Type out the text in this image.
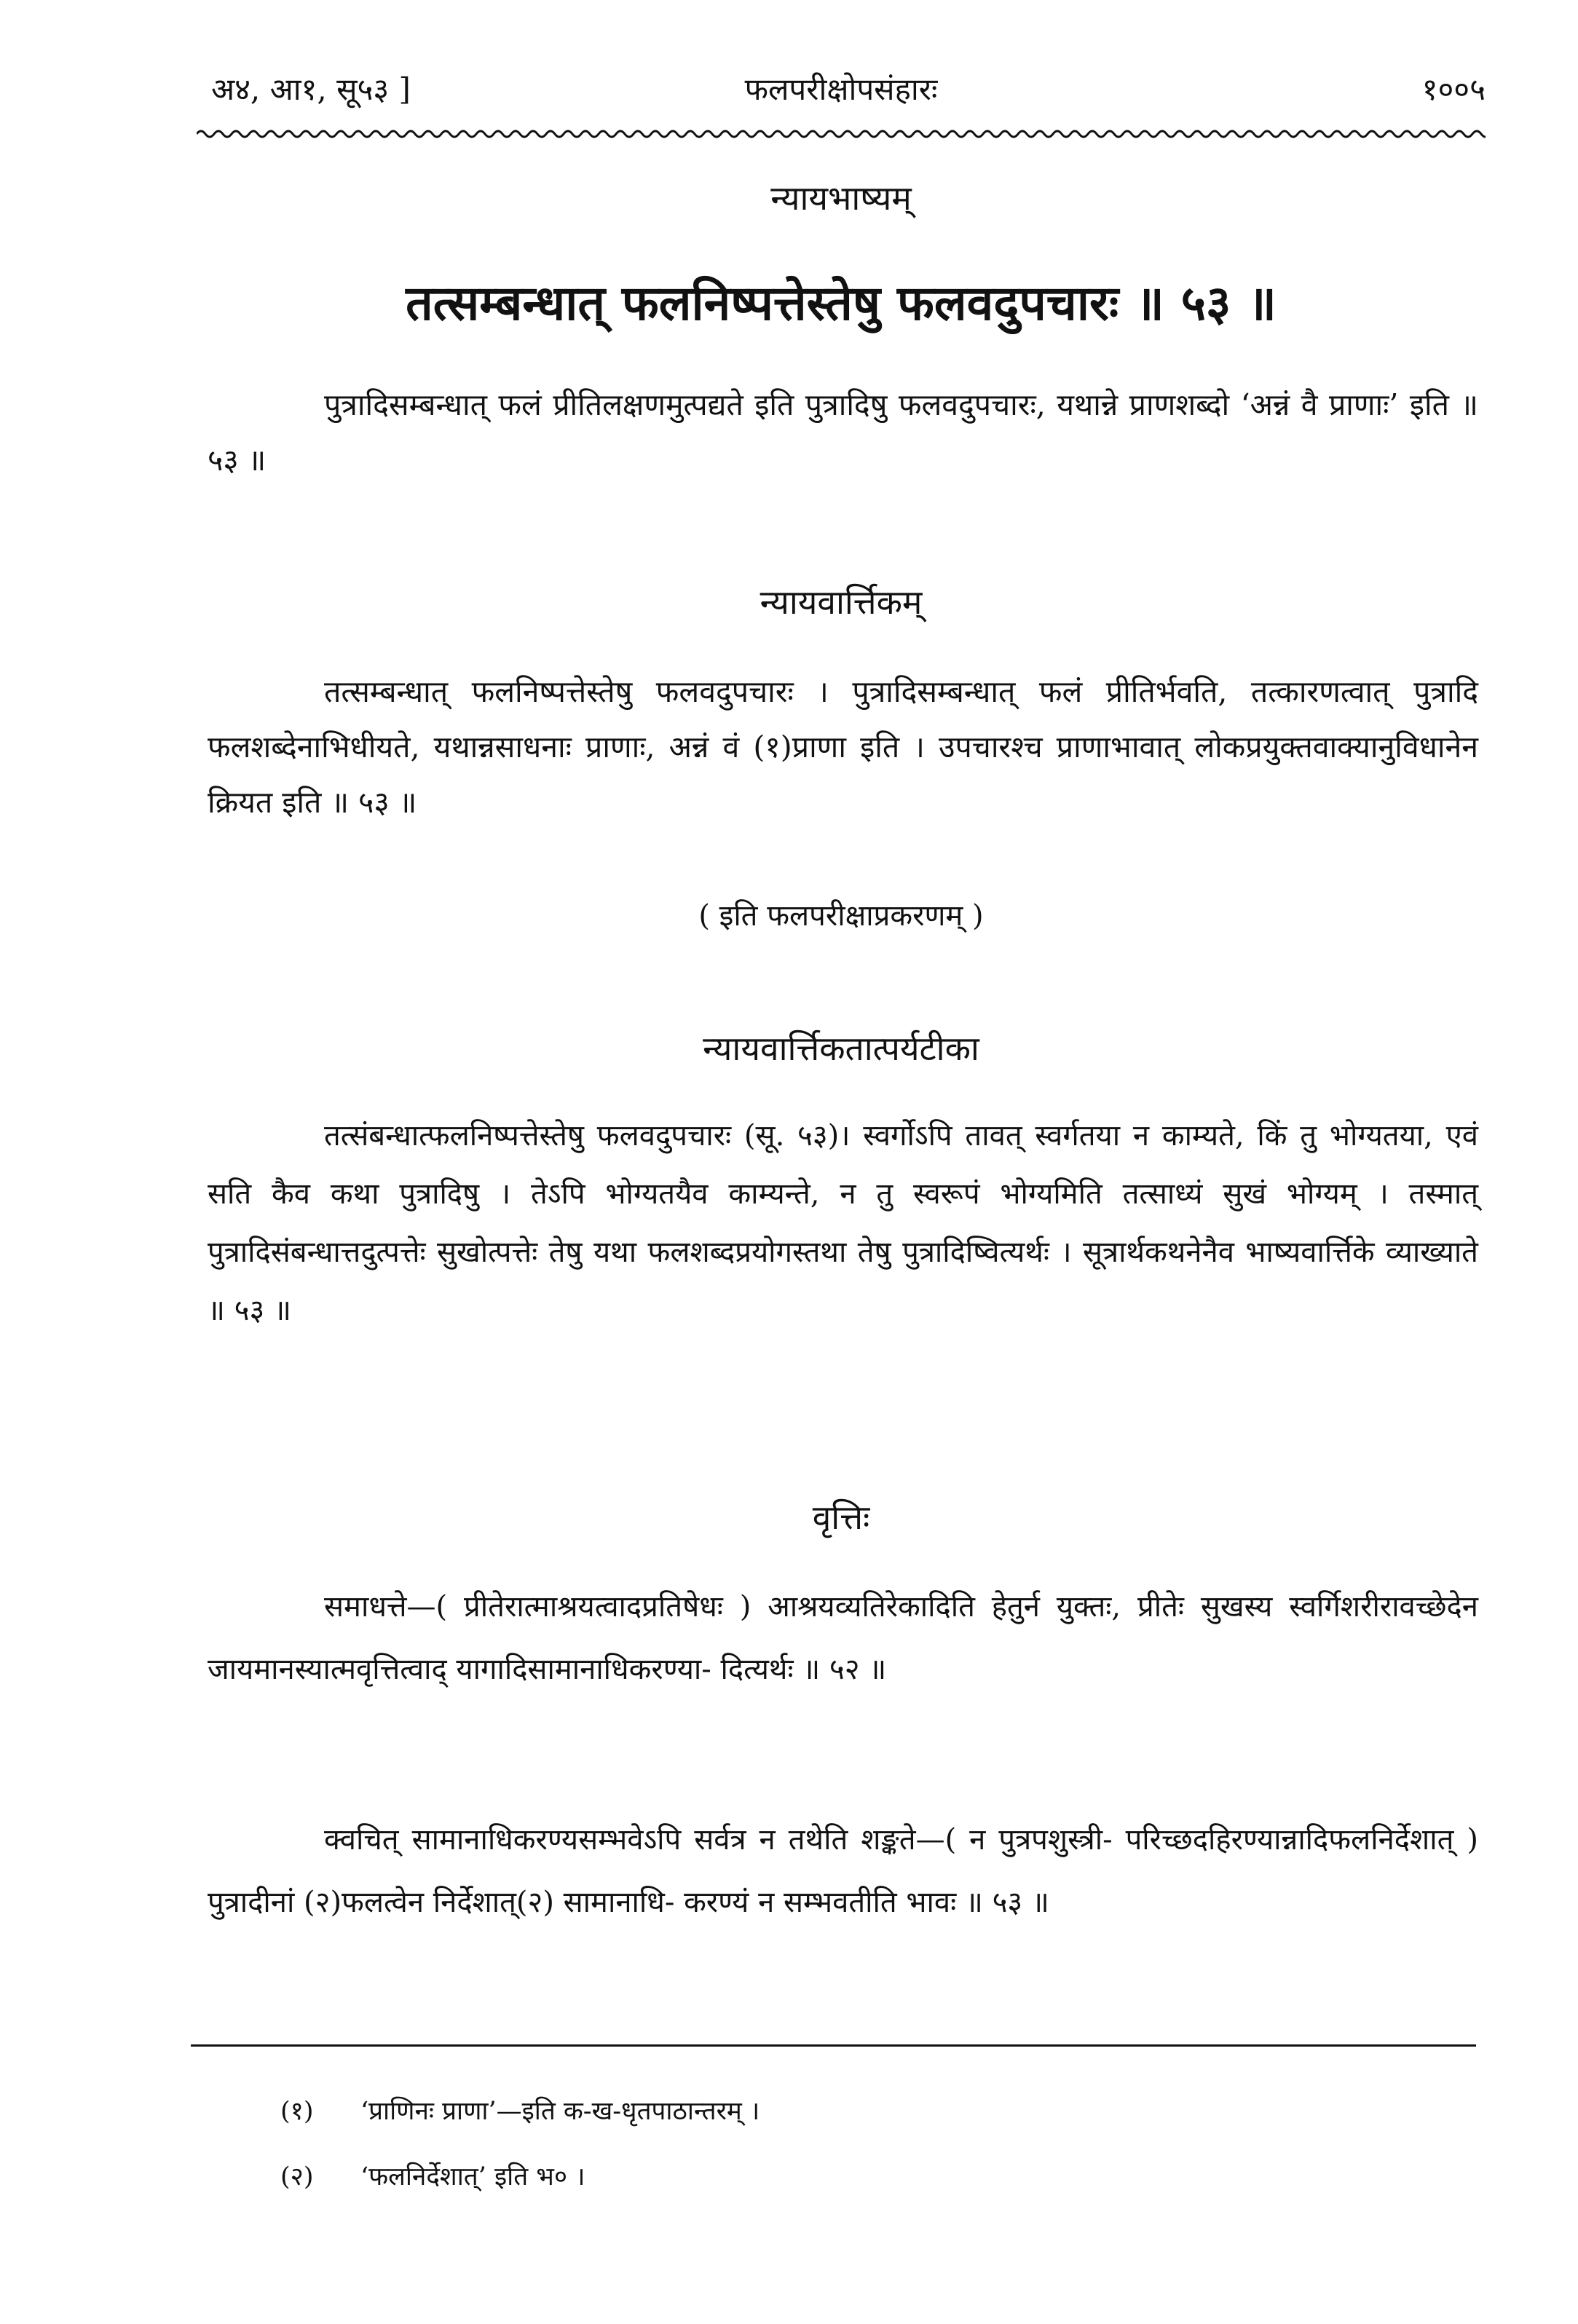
अ४, आ१, सू५३ ]	फलपरीक्षोपसंहारः	१००५
न्यायभाष्यम्
तत्सम्बन्धात् फलनिष्पत्तेस्तेषु फलवदुपचारः ॥ ५३ ॥
पुत्रादिसम्बन्धात् फलं प्रीतिलक्षणमुत्पद्यते इति पुत्रादिषु फलवदुपचारः, यथान्ने प्राणशब्दो ‘अन्नं वै प्राणाः’ इति ॥ ५३ ॥
न्यायवार्त्तिकम्
तत्सम्बन्धात् फलनिष्पत्तेस्तेषु फलवदुपचारः । पुत्रादिसम्बन्धात् फलं प्रीतिर्भवति, तत्कारणत्वात् पुत्रादि फलशब्देनाभिधीयते, यथान्नसाधनाः प्राणाः, अन्नं वं (१)प्राणा इति । उपचारश्च प्राणाभावात् लोकप्रयुक्तवाक्यानुविधानेन क्रियत इति ॥ ५३ ॥
( इति फलपरीक्षाप्रकरणम् )
न्यायवार्त्तिकतात्पर्यटीका
तत्संबन्धात्फलनिष्पत्तेस्तेषु फलवदुपचारः (सू. ५३)। स्वर्गोऽपि तावत् स्वर्गतया न काम्यते, किं तु भोग्यतया, एवं सति कैव कथा पुत्रादिषु । तेऽपि भोग्यतयैव काम्यन्ते, न तु स्वरूपं भोग्यमिति तत्साध्यं सुखं भोग्यम् । तस्मात् पुत्रादिसंबन्धात्तदुत्पत्तेः सुखोत्पत्तेः तेषु यथा फलशब्दप्रयोगस्तथा तेषु पुत्रादिष्वित्यर्थः । सूत्रार्थकथनेनैव भाष्यवार्त्तिके व्याख्याते ॥ ५३ ॥
वृत्तिः
समाधत्ते—( प्रीतेरात्माश्रयत्वादप्रतिषेधः ) आश्रयव्यतिरेकादिति हेतुर्न युक्तः, प्रीतेः सुखस्य स्वर्गिशरीरावच्छेदेन जायमानस्यात्मवृत्तित्वाद् यागादिसामानाधिकरण्या- दित्यर्थः ॥ ५२ ॥
क्वचित् सामानाधिकरण्यसम्भवेऽपि सर्वत्र न तथेति शङ्कते—( न पुत्रपशुस्त्री- परिच्छदहिरण्यान्नादिफलनिर्देशात् ) पुत्रादीनां (२)फलत्वेन निर्देशात्(२) सामानाधि- करण्यं न सम्भवतीति भावः ॥ ५३ ॥
(१) ‘प्राणिनः प्राणा’—इति क-ख-धृतपाठान्तरम् ।
(२) ‘फलनिर्देशात्’ इति भ० ।
